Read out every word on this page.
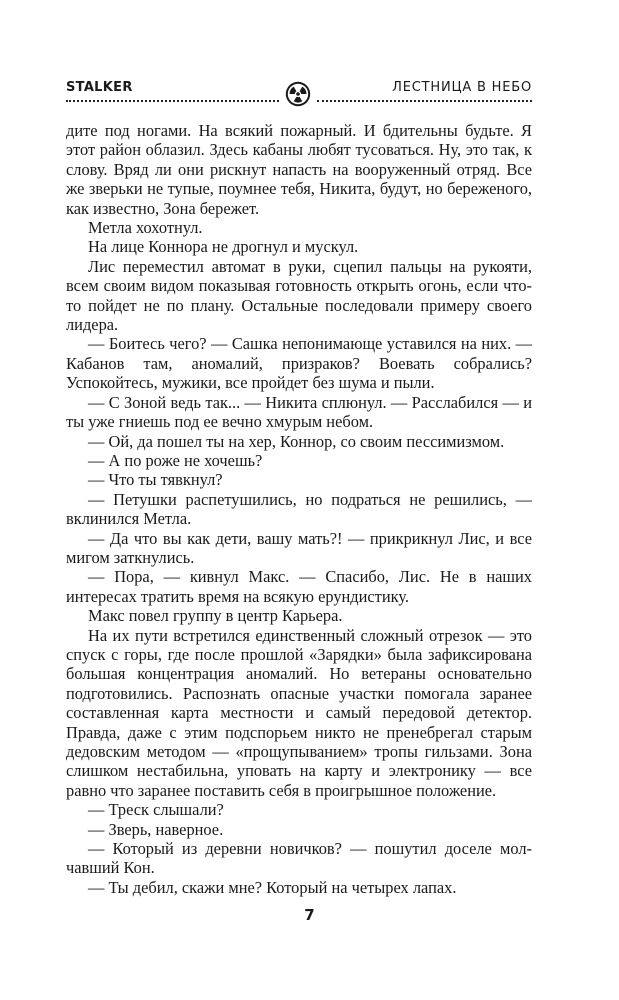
STALKER	ЛЕСТНИЦА В НЕБО

дите под ногами. На всякий пожарный. И бдительны будьте. Я этот район облазил. Здесь кабаны любят тусоваться. Ну, это так, к слову. Вряд ли они рискнут напасть на вооруженный отряд. Все же зверьки не тупые, поумнее тебя, Никита, будут, но береженого, как известно, Зона бережет.

Метла хохотнул.

На лице Коннора не дрогнул и мускул.

Лис переместил автомат в руки, сцепил пальцы на рукояти, всем своим видом показывая готовность открыть огонь, если что-то пойдет не по плану. Остальные последовали примеру своего лидера.

— Боитесь чего? — Сашка непонимающе уставился на них. — Кабанов там, аномалий, призраков? Воевать собрались? Успокойтесь, мужики, все пройдет без шума и пыли.

— С Зоной ведь так... — Никита сплюнул. — Расслабился — и ты уже гниешь под ее вечно хмурым небом.

— Ой, да пошел ты на хер, Коннор, со своим пессимизмом.

— А по роже не хочешь?

— Что ты тявкнул?

— Петушки распетушились, но подраться не решились, — вклинился Метла.

— Да что вы как дети, вашу мать?! — прикрикнул Лис, и все мигом заткнулись.

— Пора, — кивнул Макс. — Спасибо, Лис. Не в наших интересах тратить время на всякую ерундистику.

Макс повел группу в центр Карьера.

На их пути встретился единственный сложный отрезок — это спуск с горы, где после прошлой «Зарядки» была зафиксирована большая концентрация аномалий. Но ветераны основательно подготовились. Распознать опасные участки помогала заранее составленная карта местности и самый передовой детектор. Правда, даже с этим подспорьем никто не пренебрегал старым дедовским методом — «прощупыванием» тропы гильзами. Зона слишком нестабильна, уповать на карту и электронику — все равно что заранее поставить себя в проигрышное положение.

— Треск слышали?

— Зверь, наверное.

— Который из деревни новичков? — пошутил доселе молчавший Кон.

— Ты дебил, скажи мне? Который на четырех лапах.

7
